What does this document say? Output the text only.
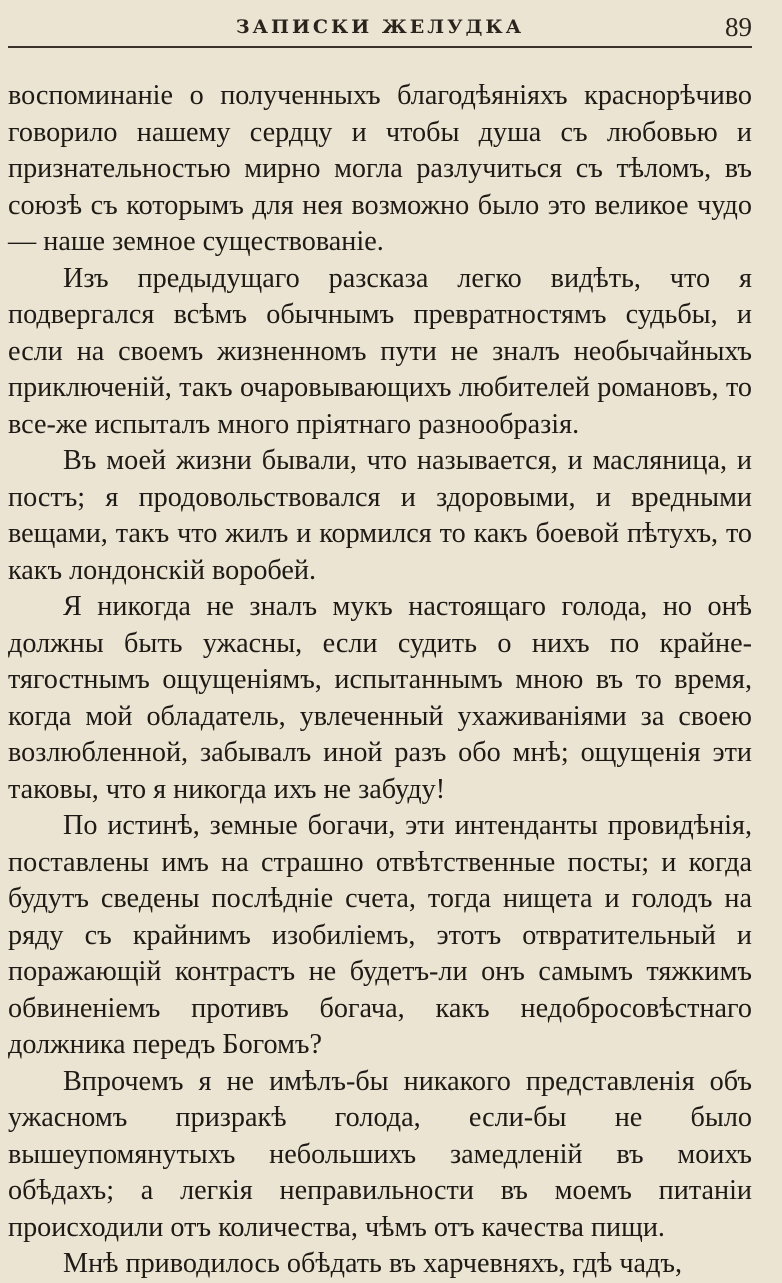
ЗАПИСКИ ЖЕЛУДКА	89

воспоминаніе о полученныхъ благодѣяніяхъ краснорѣчиво говорило нашему сердцу и чтобы душа съ любовью и признательностью мирно могла разлучиться съ тѣломъ, въ союзѣ съ которымъ для нея возможно было это великое чудо — наше земное существованіе.

Изъ предыдущаго разсказа легко видѣть, что я подвергался всѣмъ обычнымъ превратностямъ судьбы, и если на своемъ жизненномъ пути не зналъ необычайныхъ приключеній, такъ очаровывающихъ любителей романовъ, то все-же испыталъ много пріятнаго разнообразія.

Въ моей жизни бывали, что называется, и масляница, и постъ; я продовольствовался и здоровыми, и вредными вещами, такъ что жилъ и кормился то какъ боевой пѣтухъ, то какъ лондонскій воробей.

Я никогда не зналъ мукъ настоящаго голода, но онѣ должны быть ужасны, если судить о нихъ по крайне-тягостнымъ ощущеніямъ, испытаннымъ мною въ то время, когда мой обладатель, увлеченный ухаживаніями за своею возлюбленной, забывалъ иной разъ обо мнѣ; ощущенія эти таковы, что я никогда ихъ не забуду!

По истинѣ, земные богачи, эти интенданты провидѣнія, поставлены имъ на страшно отвѣтственные посты; и когда будутъ сведены послѣдніе счета, тогда нищета и голодъ на ряду съ крайнимъ изобиліемъ, этотъ отвратительный и поражающій контрастъ не будетъ-ли онъ самымъ тяжкимъ обвиненіемъ противъ богача, какъ недобросовѣстнаго должника передъ Богомъ?

Впрочемъ я не имѣлъ-бы никакого представленія объ ужасномъ призракѣ голода, если-бы не было вышеупомянутыхъ небольшихъ замедленій въ моихъ обѣдахъ; а легкія неправильности въ моемъ питаніи происходили отъ количества, чѣмъ отъ качества пищи.

Мнѣ приводилось обѣдать въ харчевняхъ, гдѣ чадъ,
